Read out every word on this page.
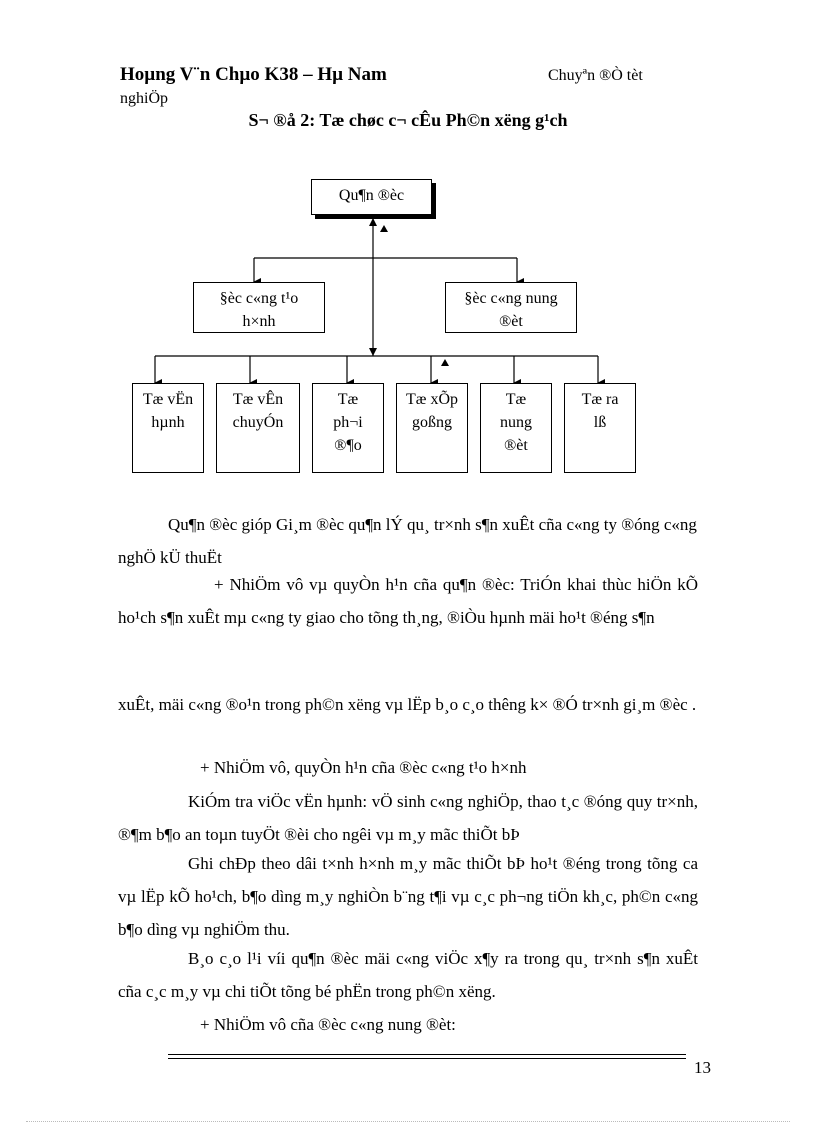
Hoµng V¨n Chµo K38 – Hµ Nam	Chuyªn ®Ò tèt
nghiÖp
S¬ ®å 2: Tæ chøc c¬ cÊu Ph©n xëng g¹ch
Qu¶n ®èc
§èc c«ng t¹o h×nh
§èc c«ng nung ®èt
Tæ vËn hµnh
Tæ vÊn chuyÓn
Tæ ph¬i ®¶o
Tæ xÕp goßng
Tæ nung ®èt
Tæ ra lß
Qu¶n ®èc gióp Gi¸m ®èc qu¶n lÝ qu¸ tr×nh s¶n xuÊt cña c«ng ty ®óng c«ng nghÖ kÜ thuËt
+ NhiÖm vô vµ quyÒn h¹n cña qu¶n ®èc: TriÓn khai thùc hiÖn kÕ ho¹ch s¶n xuÊt mµ c«ng ty giao cho tõng th¸ng, ®iÒu hµnh mäi ho¹t ®éng s¶n
xuÊt, mäi c«ng ®o¹n trong ph©n xëng vµ lËp b¸o c¸o thêng k× ®Ó tr×nh gi¸m ®èc .
+ NhiÖm vô, quyÒn h¹n cña ®èc c«ng t¹o h×nh
KiÓm tra viÖc vËn hµnh: vÖ sinh c«ng nghiÖp, thao t¸c ®óng quy tr×nh, ®¶m b¶o an toµn tuyÖt ®èi cho ngêi vµ m¸y mãc thiÕt bÞ
Ghi chÐp theo dâi t×nh h×nh m¸y mãc thiÕt bÞ ho¹t ®éng trong tõng ca vµ lËp kÕ ho¹ch, b¶o dìng m¸y nghiÒn b¨ng t¶i vµ c¸c ph¬ng tiÖn kh¸c, ph©n c«ng b¶o dìng vµ nghiÖm thu.
B¸o c¸o l¹i víi qu¶n ®èc mäi c«ng viÖc x¶y ra trong qu¸ tr×nh s¶n xuÊt cña c¸c m¸y vµ chi tiÕt tõng bé phËn trong ph©n xëng.
+ NhiÖm vô cña ®èc c«ng nung ®èt:
13
